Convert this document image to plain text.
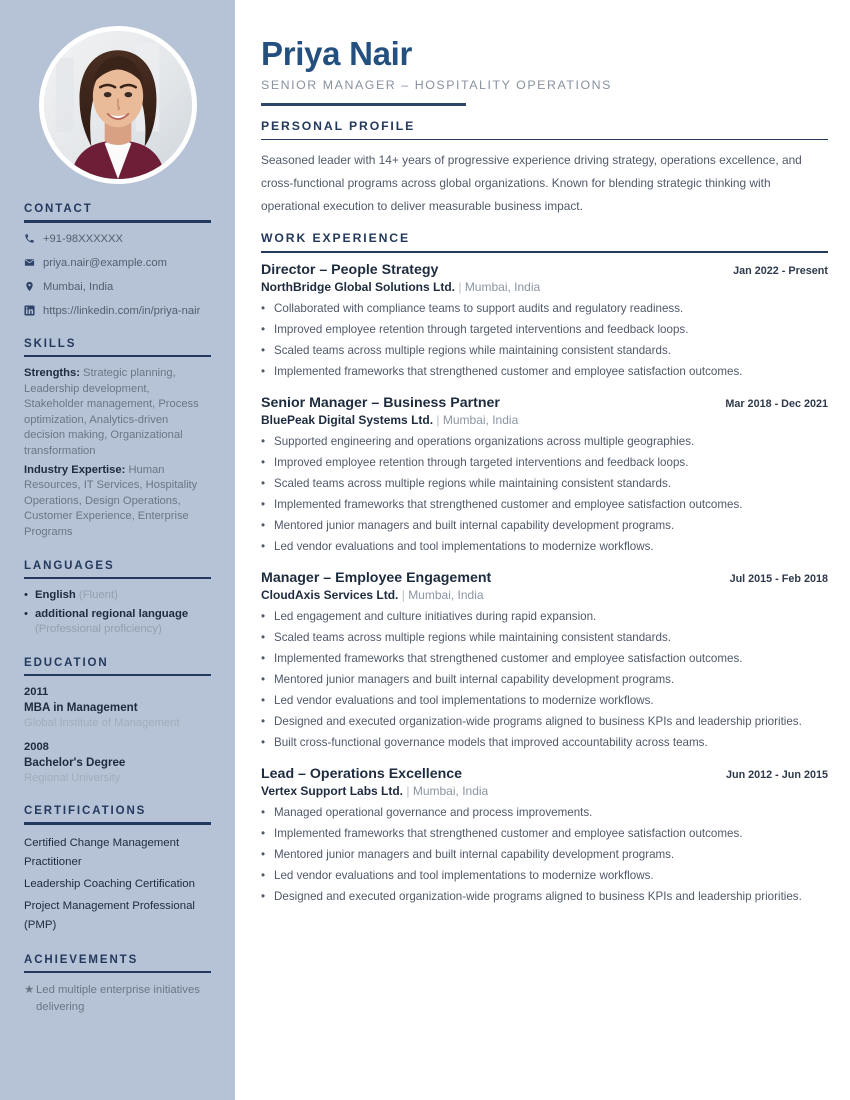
CONTACT
+91-98XXXXXX
priya.nair@example.com
Mumbai, India
https://linkedin.com/in/priya-nair
SKILLS

Strengths: Strategic planning, Leadership development, Stakeholder management, Process optimization, Analytics-driven decision making, Organizational transformation

Industry Expertise: Human Resources, IT Services, Hospitality Operations, Design Operations, Customer Experience, Enterprise Programs

LANGUAGES
• English (Fluent)
• additional regional language (Professional proficiency)
EDUCATION
2011
MBA in Management
Global Institute of Management
2008
Bachelor's Degree
Regional University
CERTIFICATIONS
Certified Change Management Practitioner
Leadership Coaching Certification
Project Management Professional (PMP)
ACHIEVEMENTS
★ Led multiple enterprise initiatives delivering
Priya Nair
SENIOR MANAGER – HOSPITALITY OPERATIONS
PERSONAL PROFILE

Seasoned leader with 14+ years of progressive experience driving strategy, operations excellence, and cross-functional programs across global organizations. Known for blending strategic thinking with operational execution to deliver measurable business impact.

WORK EXPERIENCE
Director – People Strategy	Jan 2022 - Present
NorthBridge Global Solutions Ltd. | Mumbai, India
• Collaborated with compliance teams to support audits and regulatory readiness.
• Improved employee retention through targeted interventions and feedback loops.
• Scaled teams across multiple regions while maintaining consistent standards.
• Implemented frameworks that strengthened customer and employee satisfaction outcomes.
Senior Manager – Business Partner	Mar 2018 - Dec 2021
BluePeak Digital Systems Ltd. | Mumbai, India
• Supported engineering and operations organizations across multiple geographies.
• Improved employee retention through targeted interventions and feedback loops.
• Scaled teams across multiple regions while maintaining consistent standards.
• Implemented frameworks that strengthened customer and employee satisfaction outcomes.
• Mentored junior managers and built internal capability development programs.
• Led vendor evaluations and tool implementations to modernize workflows.
Manager – Employee Engagement	Jul 2015 - Feb 2018
CloudAxis Services Ltd. | Mumbai, India
• Led engagement and culture initiatives during rapid expansion.
• Scaled teams across multiple regions while maintaining consistent standards.
• Implemented frameworks that strengthened customer and employee satisfaction outcomes.
• Mentored junior managers and built internal capability development programs.
• Led vendor evaluations and tool implementations to modernize workflows.
• Designed and executed organization-wide programs aligned to business KPIs and leadership priorities.
• Built cross-functional governance models that improved accountability across teams.
Lead – Operations Excellence	Jun 2012 - Jun 2015
Vertex Support Labs Ltd. | Mumbai, India
• Managed operational governance and process improvements.
• Implemented frameworks that strengthened customer and employee satisfaction outcomes.
• Mentored junior managers and built internal capability development programs.
• Led vendor evaluations and tool implementations to modernize workflows.
• Designed and executed organization-wide programs aligned to business KPIs and leadership priorities.
